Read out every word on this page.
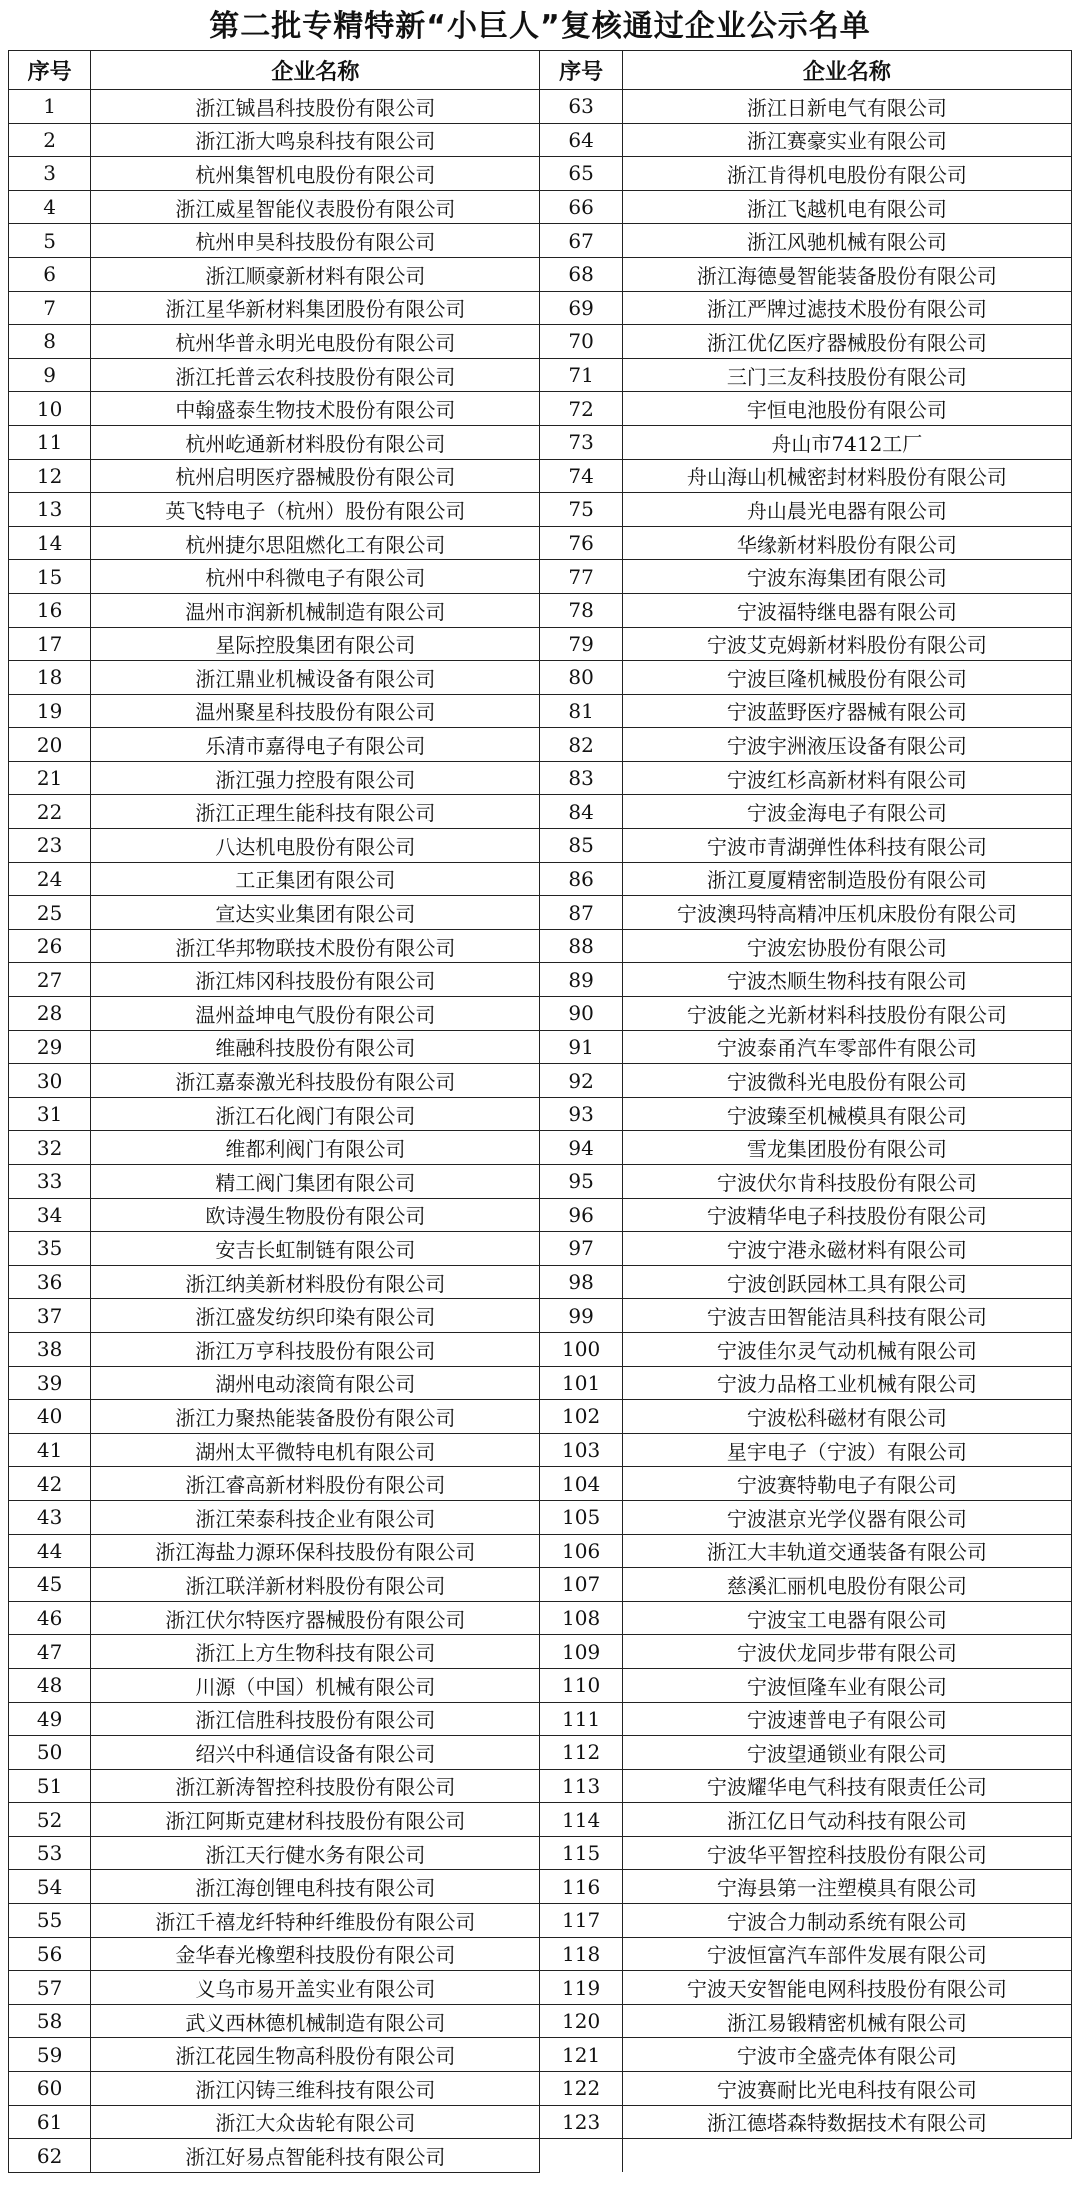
第二批专精特新“小巨人”复核通过企业公示名单
序号	企业名称	序号	企业名称
1	浙江铖昌科技股份有限公司	63	浙江日新电气有限公司
2	浙江浙大鸣泉科技有限公司	64	浙江赛豪实业有限公司
3	杭州集智机电股份有限公司	65	浙江肯得机电股份有限公司
4	浙江威星智能仪表股份有限公司	66	浙江飞越机电有限公司
5	杭州申昊科技股份有限公司	67	浙江风驰机械有限公司
6	浙江顺豪新材料有限公司	68	浙江海德曼智能装备股份有限公司
7	浙江星华新材料集团股份有限公司	69	浙江严牌过滤技术股份有限公司
8	杭州华普永明光电股份有限公司	70	浙江优亿医疗器械股份有限公司
9	浙江托普云农科技股份有限公司	71	三门三友科技股份有限公司
10	中翰盛泰生物技术股份有限公司	72	宇恒电池股份有限公司
11	杭州屹通新材料股份有限公司	73	舟山市7412工厂
12	杭州启明医疗器械股份有限公司	74	舟山海山机械密封材料股份有限公司
13	英飞特电子（杭州）股份有限公司	75	舟山晨光电器有限公司
14	杭州捷尔思阻燃化工有限公司	76	华缘新材料股份有限公司
15	杭州中科微电子有限公司	77	宁波东海集团有限公司
16	温州市润新机械制造有限公司	78	宁波福特继电器有限公司
17	星际控股集团有限公司	79	宁波艾克姆新材料股份有限公司
18	浙江鼎业机械设备有限公司	80	宁波巨隆机械股份有限公司
19	温州聚星科技股份有限公司	81	宁波蓝野医疗器械有限公司
20	乐清市嘉得电子有限公司	82	宁波宇洲液压设备有限公司
21	浙江强力控股有限公司	83	宁波红杉高新材料有限公司
22	浙江正理生能科技有限公司	84	宁波金海电子有限公司
23	八达机电股份有限公司	85	宁波市青湖弹性体科技有限公司
24	工正集团有限公司	86	浙江夏厦精密制造股份有限公司
25	宣达实业集团有限公司	87	宁波澳玛特高精冲压机床股份有限公司
26	浙江华邦物联技术股份有限公司	88	宁波宏协股份有限公司
27	浙江炜冈科技股份有限公司	89	宁波杰顺生物科技有限公司
28	温州益坤电气股份有限公司	90	宁波能之光新材料科技股份有限公司
29	维融科技股份有限公司	91	宁波泰甬汽车零部件有限公司
30	浙江嘉泰激光科技股份有限公司	92	宁波微科光电股份有限公司
31	浙江石化阀门有限公司	93	宁波臻至机械模具有限公司
32	维都利阀门有限公司	94	雪龙集团股份有限公司
33	精工阀门集团有限公司	95	宁波伏尔肯科技股份有限公司
34	欧诗漫生物股份有限公司	96	宁波精华电子科技股份有限公司
35	安吉长虹制链有限公司	97	宁波宁港永磁材料有限公司
36	浙江纳美新材料股份有限公司	98	宁波创跃园林工具有限公司
37	浙江盛发纺织印染有限公司	99	宁波吉田智能洁具科技有限公司
38	浙江万亨科技股份有限公司	100	宁波佳尔灵气动机械有限公司
39	湖州电动滚筒有限公司	101	宁波力品格工业机械有限公司
40	浙江力聚热能装备股份有限公司	102	宁波松科磁材有限公司
41	湖州太平微特电机有限公司	103	星宇电子（宁波）有限公司
42	浙江睿高新材料股份有限公司	104	宁波赛特勒电子有限公司
43	浙江荣泰科技企业有限公司	105	宁波湛京光学仪器有限公司
44	浙江海盐力源环保科技股份有限公司	106	浙江大丰轨道交通装备有限公司
45	浙江联洋新材料股份有限公司	107	慈溪汇丽机电股份有限公司
46	浙江伏尔特医疗器械股份有限公司	108	宁波宝工电器有限公司
47	浙江上方生物科技有限公司	109	宁波伏龙同步带有限公司
48	川源（中国）机械有限公司	110	宁波恒隆车业有限公司
49	浙江信胜科技股份有限公司	111	宁波速普电子有限公司
50	绍兴中科通信设备有限公司	112	宁波望通锁业有限公司
51	浙江新涛智控科技股份有限公司	113	宁波耀华电气科技有限责任公司
52	浙江阿斯克建材科技股份有限公司	114	浙江亿日气动科技有限公司
53	浙江天行健水务有限公司	115	宁波华平智控科技股份有限公司
54	浙江海创锂电科技有限公司	116	宁海县第一注塑模具有限公司
55	浙江千禧龙纤特种纤维股份有限公司	117	宁波合力制动系统有限公司
56	金华春光橡塑科技股份有限公司	118	宁波恒富汽车部件发展有限公司
57	义乌市易开盖实业有限公司	119	宁波天安智能电网科技股份有限公司
58	武义西林德机械制造有限公司	120	浙江易锻精密机械有限公司
59	浙江花园生物高科股份有限公司	121	宁波市全盛壳体有限公司
60	浙江闪铸三维科技有限公司	122	宁波赛耐比光电科技有限公司
61	浙江大众齿轮有限公司	123	浙江德塔森特数据技术有限公司
62	浙江好易点智能科技有限公司		
